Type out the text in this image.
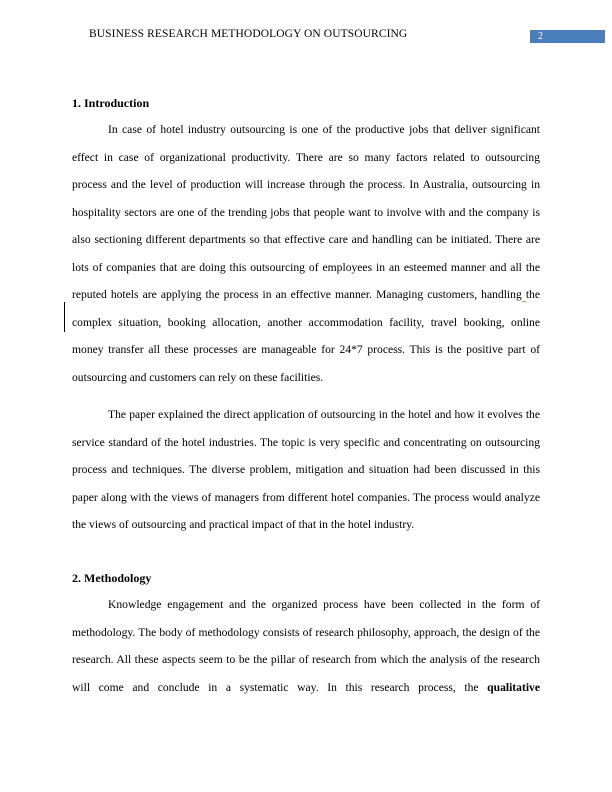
BUSINESS RESEARCH METHODOLOGY ON OUTSOURCING	2
1. Introduction

In case of hotel industry outsourcing is one of the productive jobs that deliver significant effect in case of organizational productivity. There are so many factors related to outsourcing process and the level of production will increase through the process. In Australia, outsourcing in hospitality sectors are one of the trending jobs that people want to involve with and the company is also sectioning different departments so that effective care and handling can be initiated. There are lots of companies that are doing this outsourcing of employees in an esteemed manner and all the reputed hotels are applying the process in an effective manner. Managing customers, handling the complex situation, booking allocation, another accommodation facility, travel booking, online money transfer all these processes are manageable for 24*7 process. This is the positive part of outsourcing and customers can rely on these facilities.

The paper explained the direct application of outsourcing in the hotel and how it evolves the service standard of the hotel industries. The topic is very specific and concentrating on outsourcing process and techniques. The diverse problem, mitigation and situation had been discussed in this paper along with the views of managers from different hotel companies. The process would analyze the views of outsourcing and practical impact of that in the hotel industry.

2. Methodology

Knowledge engagement and the organized process have been collected in the form of methodology. The body of methodology consists of research philosophy, approach, the design of the research. All these aspects seem to be the pillar of research from which the analysis of the research will come and conclude in a systematic way. In this research process, the qualitative
